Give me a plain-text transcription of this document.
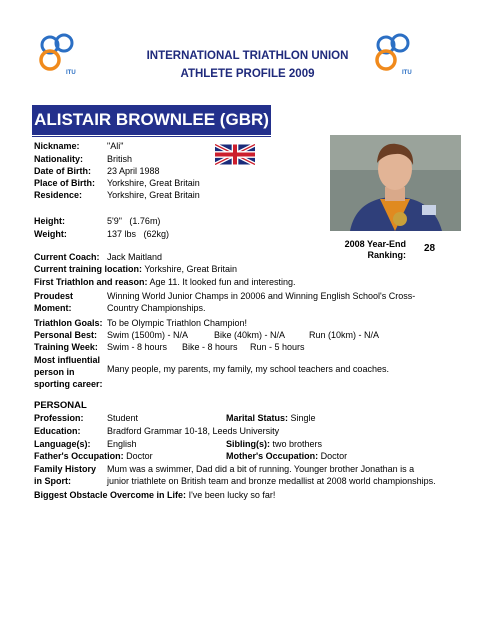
ITU	ITU
INTERNATIONAL TRIATHLON UNION
ATHLETE PROFILE 2009
ALISTAIR BROWNLEE (GBR)
Nickname:	"Ali"
Nationality:	British
Date of Birth: 23 April 1988
Place of Birth: Yorkshire, Great Britain
Residence:	Yorkshire, Great Britain
Height:	5'9"   (1.76m)
Weight:	137 lbs   (62kg)
2008 Year-End
Ranking:
28
Current Coach: Jack Maitland
Current training location: Yorkshire, Great Britain
First Triathlon and reason: Age 11. It looked fun and interesting.
Proudest
Moment:
Winning World Junior Champs in 20006 and Winning English School's Cross-
Country Championships.
Triathlon Goals: To be Olympic Triathlon Champion!
Personal Best: Swim (1500m) - N/A	Bike (40km) - N/A	Run (10km) - N/A
Training Week: Swim - 8 hours Bike - 8 hours Run - 5 hours
Most influential
person in
sporting career:
Many people, my parents, my family, my school teachers and coaches.
PERSONAL
Profession:	Student	Marital Status: Single
Education:	Bradford Grammar 10-18, Leeds University
Language(s): English	Sibling(s): two brothers
Father's Occupation: Doctor	Mother's Occupation: Doctor
Family History
in Sport:
Mum was a swimmer, Dad did a bit of running. Younger brother Jonathan is a
junior triathlete on British team and bronze medallist at 2008 world championships.
Biggest Obstacle Overcome in Life: I've been lucky so far!
